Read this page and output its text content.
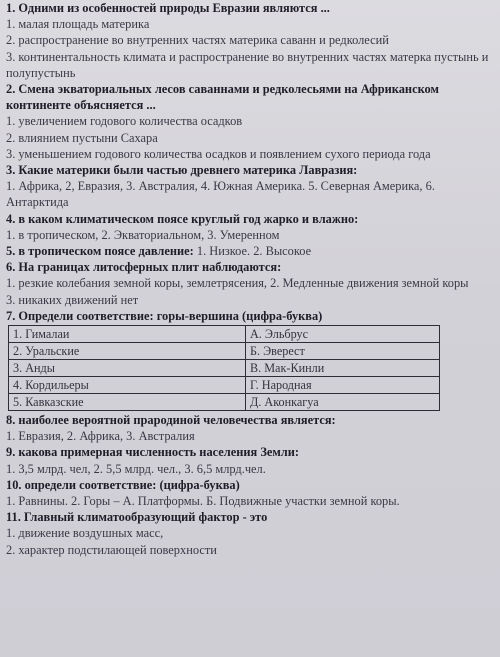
1. Одними из особенностей природы Евразии являются ...
1. малая площадь материка
2. распространение во внутренних частях материка саванн и редколесий
3. континентальность климата и распространение во внутренних частях матерка пустынь и полупустынь
2. Смена экваториальных лесов саваннами и редколесьями на Африканском континенте объясняется ...
1. увеличением годового количества осадков
2. влиянием пустыни Сахара
3. уменьшением годового количества осадков и появлением сухого периода года
3. Какие материки были частью древнего материка Лавразия:
1. Африка, 2, Евразия, 3. Австралия, 4. Южная Америка. 5. Северная Америка, 6. Антарктида
4. в каком климатическом поясе круглый год жарко и влажно:
1. в тропическом, 2. Экваториальном, 3. Умеренном
5. в тропическом поясе давление: 1. Низкое. 2. Высокое
6. На границах литосферных плит наблюдаются:
1. резкие колебания земной коры, землетрясения, 2. Медленные движения земной коры
3. никаких движений нет
7. Определи соответствие: горы-вершина (цифра-буква)
1. Гималаи	А. Эльбрус
2. Уральские	Б. Эверест
3. Анды	В. Мак-Кинли
4. Кордильеры	Г. Народная
5. Кавказские	Д. Аконкагуа
8. наиболее вероятной прародиной человечества является:
1. Евразия, 2. Африка, 3. Австралия
9. какова примерная численность населения Земли:
1. 3,5 млрд. чел, 2. 5,5 млрд. чел., 3. 6,5 млрд.чел.
10. определи соответствие: (цифра-буква)
1. Равнины. 2. Горы – А. Платформы. Б. Подвижные участки земной коры.
11. Главный климатообразующий фактор - это
1. движение воздушных масс,
2. характер подстилающей поверхности
